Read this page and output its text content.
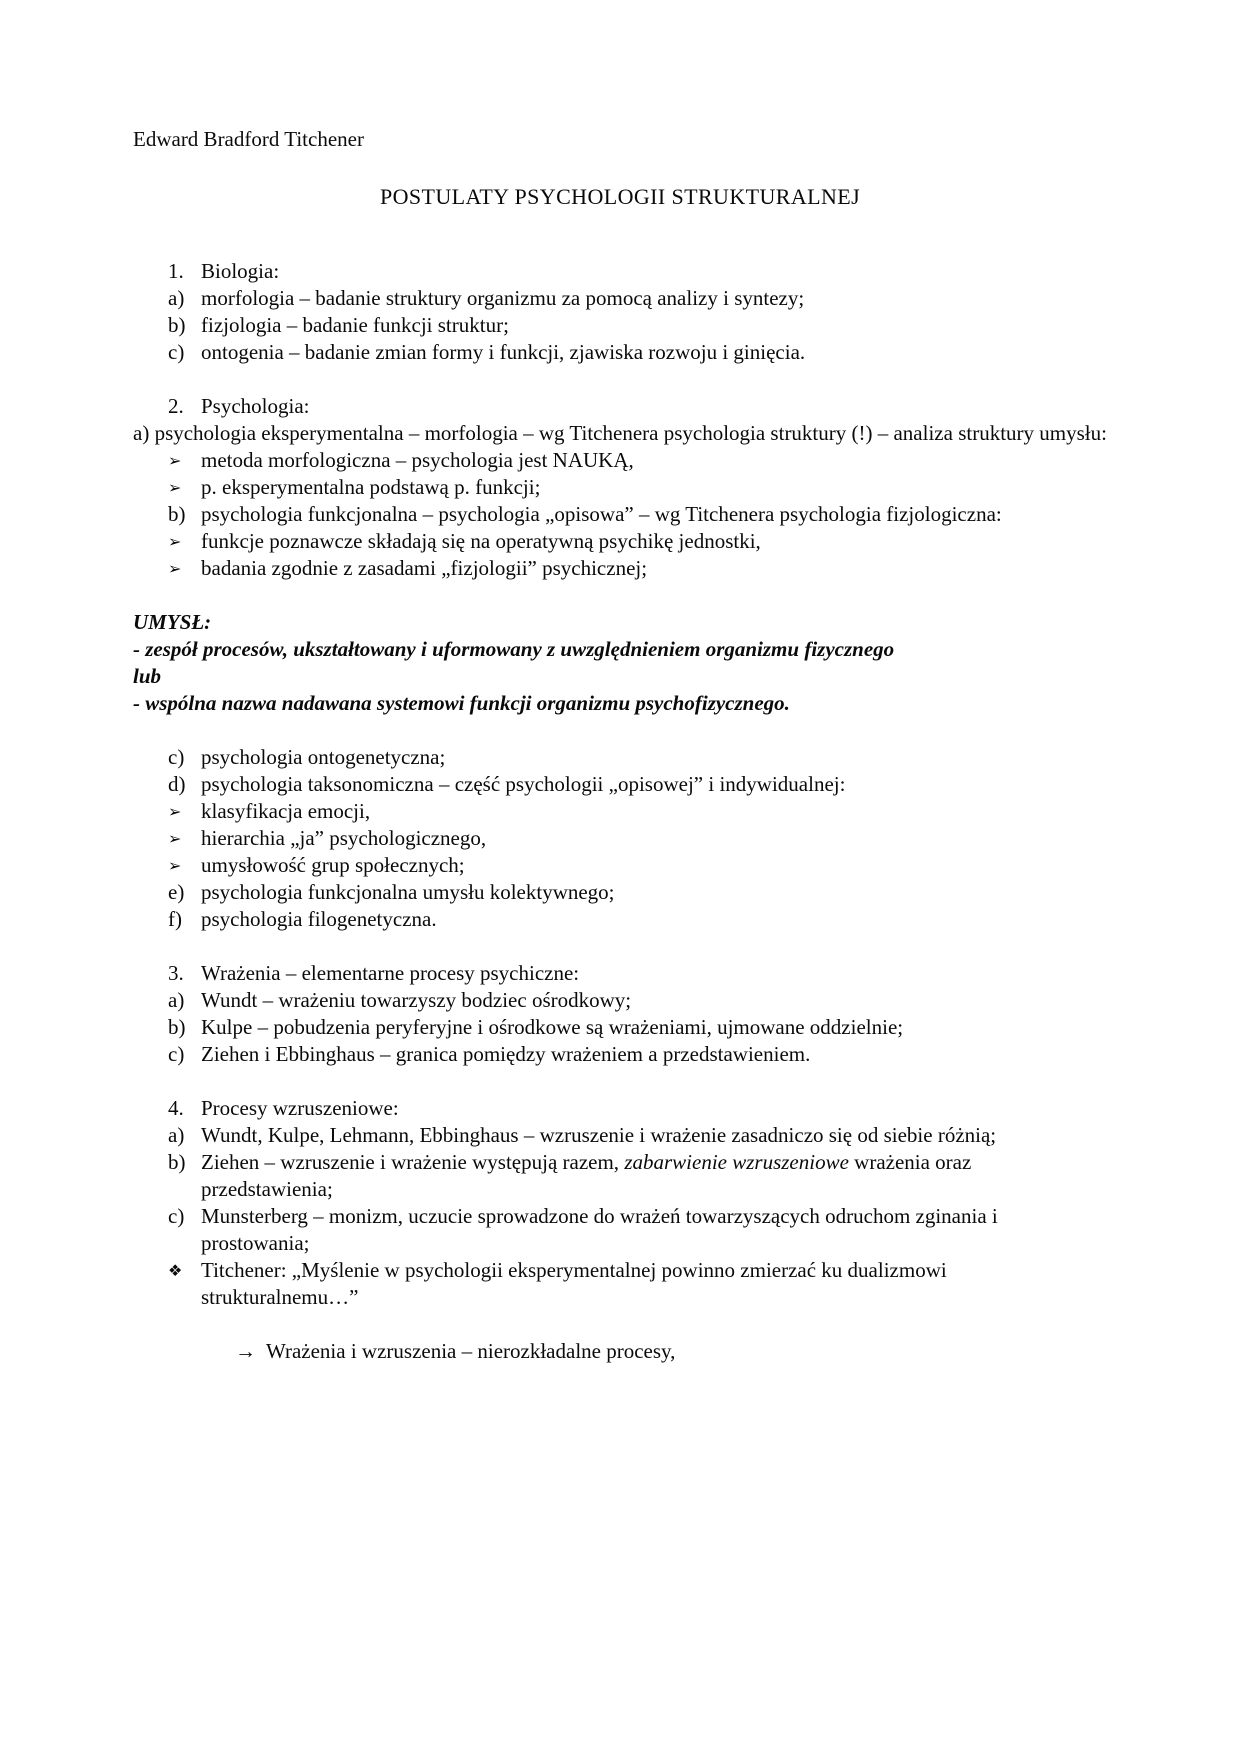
Edward Bradford Titchener
POSTULATY PSYCHOLOGII STRUKTURALNEJ
1. Biologia:
a) morfologia – badanie struktury organizmu za pomocą analizy i syntezy;
b) fizjologia – badanie funkcji struktur;
c) ontogenia – badanie zmian formy i funkcji, zjawiska rozwoju i ginięcia.
2. Psychologia:
a) psychologia eksperymentalna – morfologia – wg Titchenera psychologia struktury (!) – analiza struktury umysłu:
➢ metoda morfologiczna – psychologia jest NAUKĄ,
➢ p. eksperymentalna podstawą p. funkcji;
b) psychologia funkcjonalna – psychologia „opisowa” – wg Titchenera psychologia fizjologiczna:
➢ funkcje poznawcze składają się na operatywną psychikę jednostki,
➢ badania zgodnie z zasadami „fizjologii” psychicznej;
UMYSŁ:
- zespół procesów, ukształtowany i uformowany z uwzględnieniem organizmu fizycznego
lub
- wspólna nazwa nadawana systemowi funkcji organizmu psychofizycznego.
c) psychologia ontogenetyczna;
d) psychologia taksonomiczna – część psychologii „opisowej” i indywidualnej:
➢ klasyfikacja emocji,
➢ hierarchia „ja” psychologicznego,
➢ umysłowość grup społecznych;
e) psychologia funkcjonalna umysłu kolektywnego;
f) psychologia filogenetyczna.
3. Wrażenia – elementarne procesy psychiczne:
a) Wundt – wrażeniu towarzyszy bodziec ośrodkowy;
b) Kulpe – pobudzenia peryferyjne i ośrodkowe są wrażeniami, ujmowane oddzielnie;
c) Ziehen i Ebbinghaus – granica pomiędzy wrażeniem a przedstawieniem.
4. Procesy wzruszeniowe:
a) Wundt, Kulpe, Lehmann, Ebbinghaus – wzruszenie i wrażenie zasadniczo się od siebie różnią;
b) Ziehen – wzruszenie i wrażenie występują razem, zabarwienie wzruszeniowe wrażenia oraz przedstawienia;
c) Munsterberg – monizm, uczucie sprowadzone do wrażeń towarzyszących odruchom zginania i prostowania;
❖ Titchener: „Myślenie w psychologii eksperymentalnej powinno zmierzać ku dualizmowi strukturalnemu…”
→ Wrażenia i wzruszenia – nierozkładalne procesy,
